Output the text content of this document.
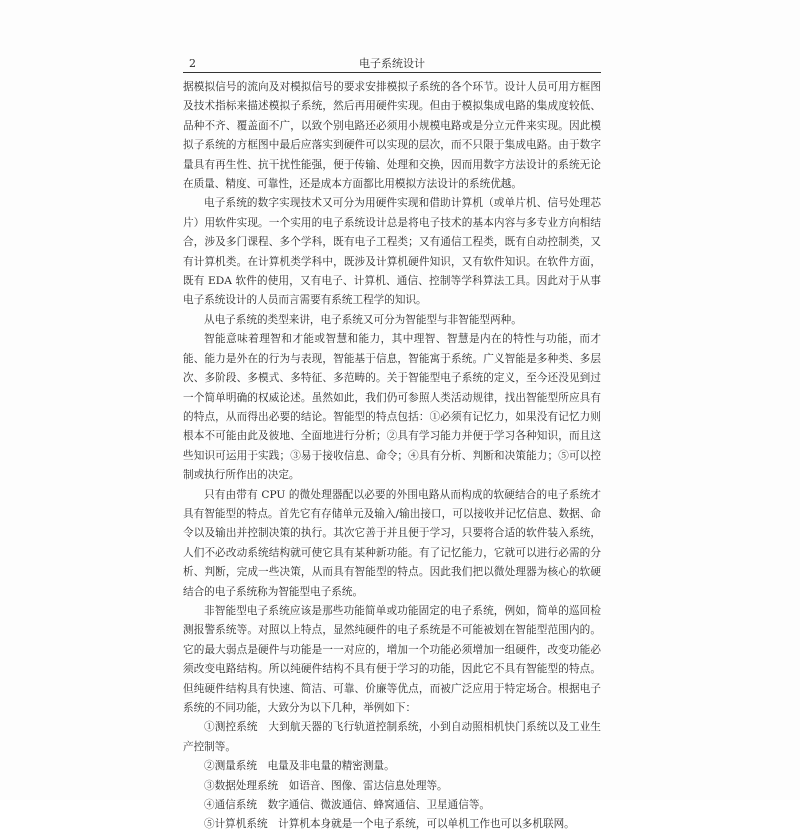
2	电子系统设计

据模拟信号的流向及对模拟信号的要求安排模拟子系统的各个环节。设计人员可用方框图及技术指标来描述模拟子系统，然后再用硬件实现。但由于模拟集成电路的集成度较低、品种不齐、覆盖面不广，以致个别电路还必须用小规模电路或是分立元件来实现。因此模拟子系统的方框图中最后应落实到硬件可以实现的层次，而不只限于集成电路。由于数字量具有再生性、抗干扰性能强，便于传输、处理和交换，因而用数字方法设计的系统无论在质量、精度、可靠性，还是成本方面都比用模拟方法设计的系统优越。

电子系统的数字实现技术又可分为用硬件实现和借助计算机（或单片机、信号处理芯片）用软件实现。一个实用的电子系统设计总是将电子技术的基本内容与多专业方向相结合，涉及多门课程、多个学科，既有电子工程类；又有通信工程类，既有自动控制类，又有计算机类。在计算机类学科中，既涉及计算机硬件知识，又有软件知识。在软件方面，既有 EDA 软件的使用，又有电子、计算机、通信、控制等学科算法工具。因此对于从事电子系统设计的人员而言需要有系统工程学的知识。

从电子系统的类型来讲，电子系统又可分为智能型与非智能型两种。

智能意味着理智和才能或智慧和能力，其中理智、智慧是内在的特性与功能，而才能、能力是外在的行为与表现，智能基于信息，智能寓于系统。广义智能是多种类、多层次、多阶段、多模式、多特征、多范畴的。关于智能型电子系统的定义，至今还没见到过一个简单明确的权威论述。虽然如此，我们仍可参照人类活动规律，找出智能型所应具有的特点，从而得出必要的结论。智能型的特点包括：①必须有记忆力，如果没有记忆力则根本不可能由此及彼地、全面地进行分析；②具有学习能力并便于学习各种知识，而且这些知识可运用于实践；③易于接收信息、命令；④具有分析、判断和决策能力；⑤可以控制或执行所作出的决定。

只有由带有 CPU 的微处理器配以必要的外围电路从而构成的软硬结合的电子系统才具有智能型的特点。首先它有存储单元及输入/输出接口，可以接收并记忆信息、数据、命令以及输出并控制决策的执行。其次它善于并且便于学习，只要将合适的软件装入系统，人们不必改动系统结构就可使它具有某种新功能。有了记忆能力，它就可以进行必需的分析、判断，完成一些决策，从而具有智能型的特点。因此我们把以微处理器为核心的软硬结合的电子系统称为智能型电子系统。

非智能型电子系统应该是那些功能简单或功能固定的电子系统，例如，简单的巡回检测报警系统等。对照以上特点，显然纯硬件的电子系统是不可能被划在智能型范围内的。它的最大弱点是硬件与功能是一一对应的，增加一个功能必须增加一组硬件，改变功能必须改变电路结构。所以纯硬件结构不具有便于学习的功能，因此它不具有智能型的特点。但纯硬件结构具有快速、简洁、可靠、价廉等优点，而被广泛应用于特定场合。根据电子系统的不同功能，大致分为以下几种，举例如下：

①测控系统　大到航天器的飞行轨道控制系统，小到自动照相机快门系统以及工业生产控制等。

②测量系统　电量及非电量的精密测量。

③数据处理系统　如语音、图像、雷达信息处理等。

④通信系统　数字通信、微波通信、蜂窝通信、卫星通信等。

⑤计算机系统　计算机本身就是一个电子系统，可以单机工作也可以多机联网。
